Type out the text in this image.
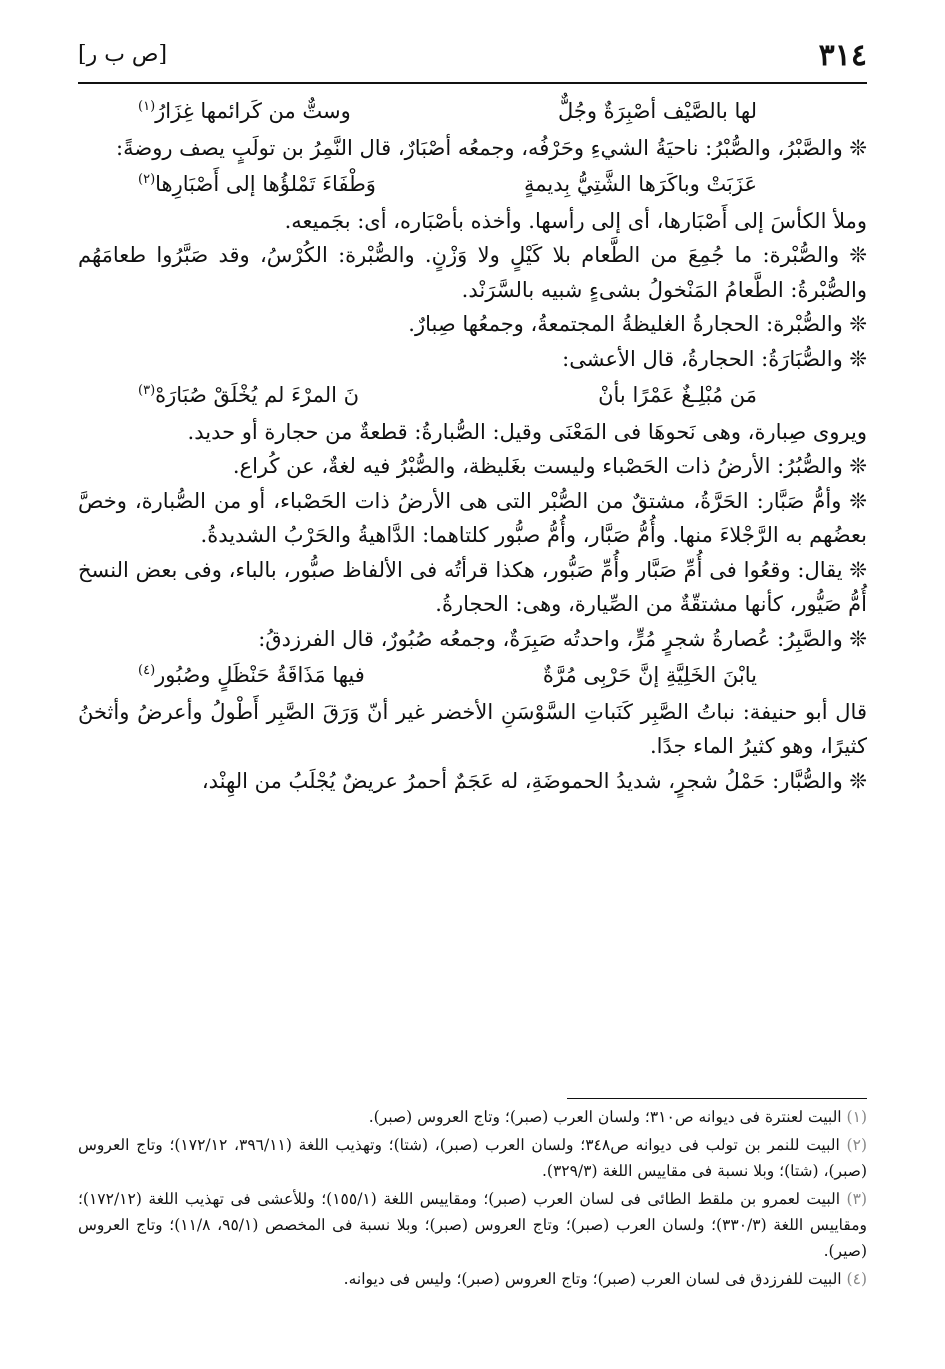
٣١٤
[ص ب ر]
لها بالصَّيْف أصْبِرَةٌ وجُلٌّ
وستٌّ من كَرائمها غِزَارُ$^{(١)}$

❊ والصَّبْرُ، والصُّبْرُ: ناحيَةُ الشيءِ وحَرْفُه، وجمعُه أصْبَارٌ، قال النَّمِرُ بن تولَبٍ يصف روضةً:

عَزَبَتْ وباكَرَها الشَّتِيُّ بِديمةٍ
وَطْفَاءَ تَمْلؤُها إلى أَصْبَارِها$^{(٢)}$

وملأ الكأسَ إلى أَصْبَارها، أى إلى رأسها. وأخذه بأصْبَاره، أى: بجَميعه.

❊ والصُّبْرة: ما جُمِعَ من الطَّعام بلا كَيْلٍ ولا وَزْنٍ. والصُّبْرة: الكُرْسُ، وقد صَبَّرُوا طعامَهُم والصُّبْرةُ: الطَّعامُ المَنْخولُ بشىءٍ شبيه بالسَّرَنْد.

❊ والصُّبْرة: الحجارةُ الغليظةُ المجتمعةُ، وجمعُها صِبارٌ.

❊ والصُّبَارَةُ: الحجارةُ، قال الأعشى:

مَن مُبْلِـغٌ عَمْرًا بأنْ
نَ المرْءَ لم يُخْلَقْ صُبَارَهْ$^{(٣)}$

ويروى صِبارة، وهى نَحوهَا فى المَعْنَى وقيل: الصُّبارةُ: قطعةٌ من حجارة أو حديد.

❊ والصُّبُرُ: الأرضُ ذات الحَصْباء وليست بغَليظة، والصُّبْرُ فيه لغةٌ، عن كُراع.

❊ وأمُّ صَبَّار: الحَرَّةُ، مشتقٌ من الصُّبْر التى هى الأرضُ ذات الحَصْباء، أو من الصُّبارة، وخصَّ بعضُهم به الرَّجْلاءَ منها. وأُمُّ صَبَّار، وأُمُّ صبُّور كلتاهما: الدَّاهيةُ والحَرْبُ الشديدةُ.

❊ يقال: وقعُوا فى أُمِّ صَبَّار وأُمِّ صَبُّور، هكذا قرأتُه فى الألفاظ صبُّور، بالباء، وفى بعض النسخ أُمُّ صَيُّور، كأنها مشتقّةٌ من الصِّيارة، وهى: الحجارةُ.

❊ والصَّبِرُ: عُصارةُ شجرٍ مُرٍّ، واحدتُه صَبِرَةٌ، وجمعُه صُبُورٌ، قال الفرزدقُ:

يابْنَ الخَلِيَّةِ إنَّ حَرْبِى مُرَّةٌ
فيها مَذَاقَةُ حَنْظَلٍ وصُبُور$^{(٤)}$

قال أبو حنيفة: نباتُ الصَّبِر كَنَباتِ السَّوْسَنِ الأخضر غير أنّ وَرَقَ الصَّبِر أَطْولُ وأعرضُ وأثخنُ كثيرًا، وهو كثيرُ الماء جدًا.

❊ والصُّبَّار: حَمْلُ شجرٍ، شديدُ الحموضَةِ، له عَجَمٌ أحمرُ عريضٌ يُجْلَبُ من الهِنْد،

(١) البيت لعنترة فى ديوانه ص٣١٠؛ ولسان العرب (صبر)؛ وتاج العروس (صبر).

(٢) البيت للنمر بن تولب فى ديوانه ص٣٤٨؛ ولسان العرب (صبر)، (شتا)؛ وتهذيب اللغة (٣٩٦/١١، ١٧٢/١٢)؛ وتاج العروس (صبر)، (شتا)؛ وبلا نسبة فى مقاييس اللغة (٣٢٩/٣).

(٣) البيت لعمرو بن ملقط الطائى فى لسان العرب (صبر)؛ ومقاييس اللغة (١٥٥/١)؛ وللأعشى فى تهذيب اللغة (١٧٢/١٢)؛ ومقاييس اللغة (٣٣٠/٣)؛ ولسان العرب (صبر)؛ وتاج العروس (صبر)؛ وبلا نسبة فى المخصص (٩٥/١، ١١/٨)؛ وتاج العروس (صير).

(٤) البيت للفرزدق فى لسان العرب (صبر)؛ وتاج العروس (صبر)؛ وليس فى ديوانه.
